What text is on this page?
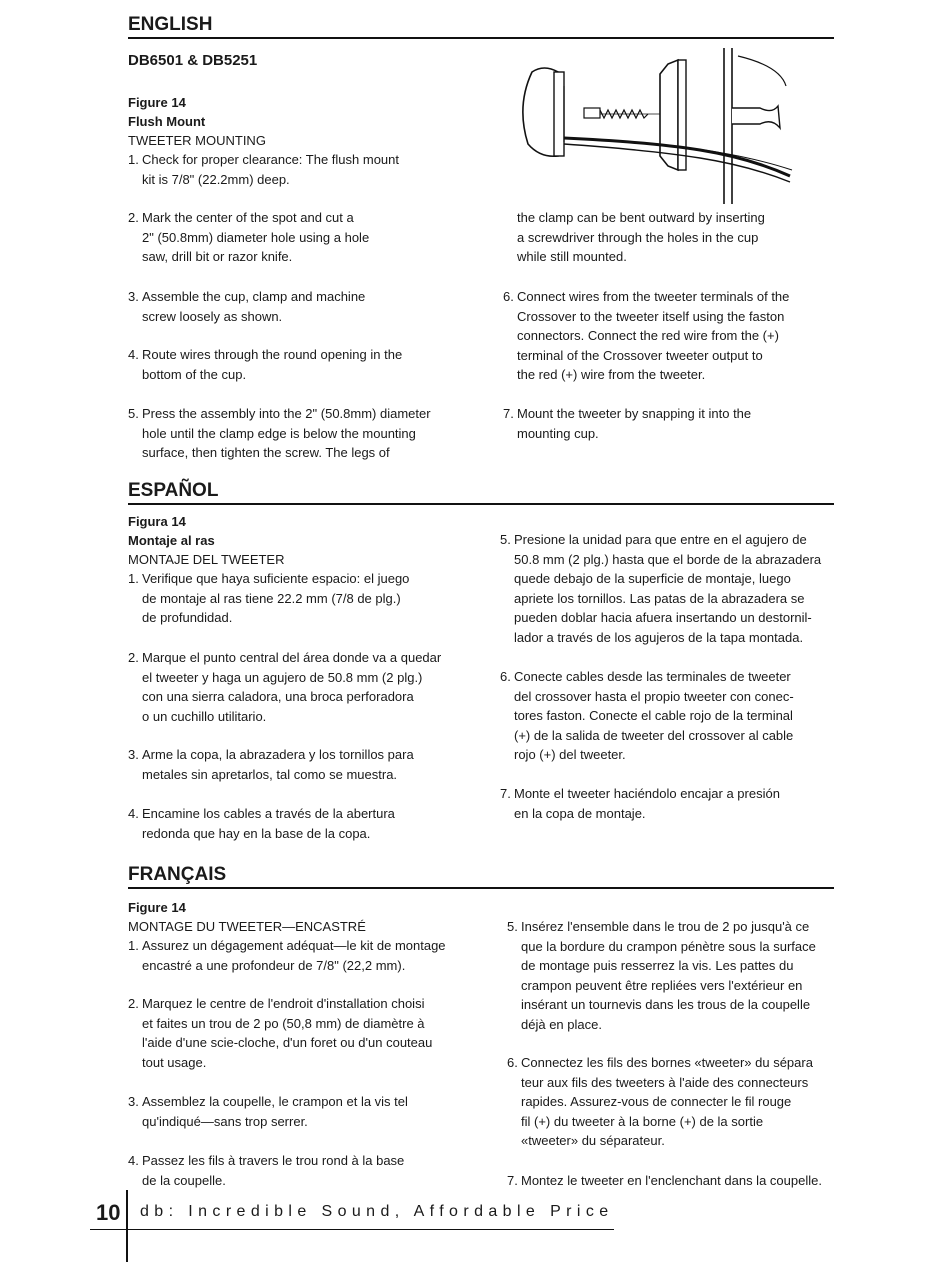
ENGLISH
DB6501 & DB5251
Figure 14
Flush Mount
TWEETER MOUNTING
1. Check for proper clearance: The flush mount
kit is 7/8" (22.2mm) deep.
2. Mark the center of the spot and cut a
2" (50.8mm) diameter hole using a hole
saw, drill bit or razor knife.
3. Assemble the cup, clamp and machine
screw loosely as shown.
4. Route wires through the round opening in the
bottom of the cup.
5. Press the assembly into the 2" (50.8mm) diameter
hole until the clamp edge is below the mounting
surface, then tighten the screw. The legs of
the clamp can be bent outward by inserting
a screwdriver through the holes in the cup
while still mounted.
6. Connect wires from the tweeter terminals of the
Crossover to the tweeter itself using the faston
connectors. Connect the red wire from the (+)
terminal of the Crossover tweeter output to
the red (+) wire from the tweeter.
7. Mount the tweeter by snapping it into the
mounting cup.
ESPAÑOL
Figura 14
Montaje al ras
MONTAJE DEL TWEETER
1. Verifique que haya suficiente espacio: el juego
de montaje al ras tiene 22.2 mm (7/8 de plg.)
de profundidad.
2. Marque el punto central del área donde va a quedar
el tweeter y haga un agujero de 50.8 mm (2 plg.)
con una sierra caladora, una broca perforadora
o un cuchillo utilitario.
3. Arme la copa, la abrazadera y los tornillos para
metales sin apretarlos, tal como se muestra.
4. Encamine los cables a través de la abertura
redonda que hay en la base de la copa.
5. Presione la unidad para que entre en el agujero de
50.8 mm (2 plg.) hasta que el borde de la abrazadera
quede debajo de la superficie de montaje, luego
apriete los tornillos. Las patas de la abrazadera se
pueden doblar hacia afuera insertando un destornil-
lador a través de los agujeros de la tapa montada.
6. Conecte cables desde las terminales de tweeter
del crossover hasta el propio tweeter con conec-
tores faston. Conecte el cable rojo de la terminal
(+) de la salida de tweeter del crossover al cable
rojo (+) del tweeter.
7. Monte el tweeter haciéndolo encajar a presión
en la copa de montaje.
FRANÇAIS
Figure 14
MONTAGE DU TWEETER—ENCASTRÉ
1. Assurez un dégagement adéquat—le kit de montage
encastré a une profondeur de 7/8" (22,2 mm).
2. Marquez le centre de l'endroit d'installation choisi
et faites un trou de 2 po (50,8 mm) de diamètre à
l'aide d'une scie-cloche, d'un foret ou d'un couteau
tout usage.
3. Assemblez la coupelle, le crampon et la vis tel
qu'indiqué—sans trop serrer.
4. Passez les fils à travers le trou rond à la base
de la coupelle.
5. Insérez l'ensemble dans le trou de 2 po jusqu'à ce
que la bordure du crampon pénètre sous la surface
de montage puis resserrez la vis. Les pattes du
crampon peuvent être repliées vers l'extérieur en
insérant un tournevis dans les trous de la coupelle
déjà en place.
6. Connectez les fils des bornes «tweeter» du sépara
teur aux fils des tweeters à l'aide des connecteurs
rapides. Assurez-vous de connecter le fil rouge
fil (+) du tweeter à la borne (+) de la sortie
«tweeter» du séparateur.
7. Montez le tweeter en l'enclenchant dans la coupelle.
10 db: Incredible Sound, Affordable Price
